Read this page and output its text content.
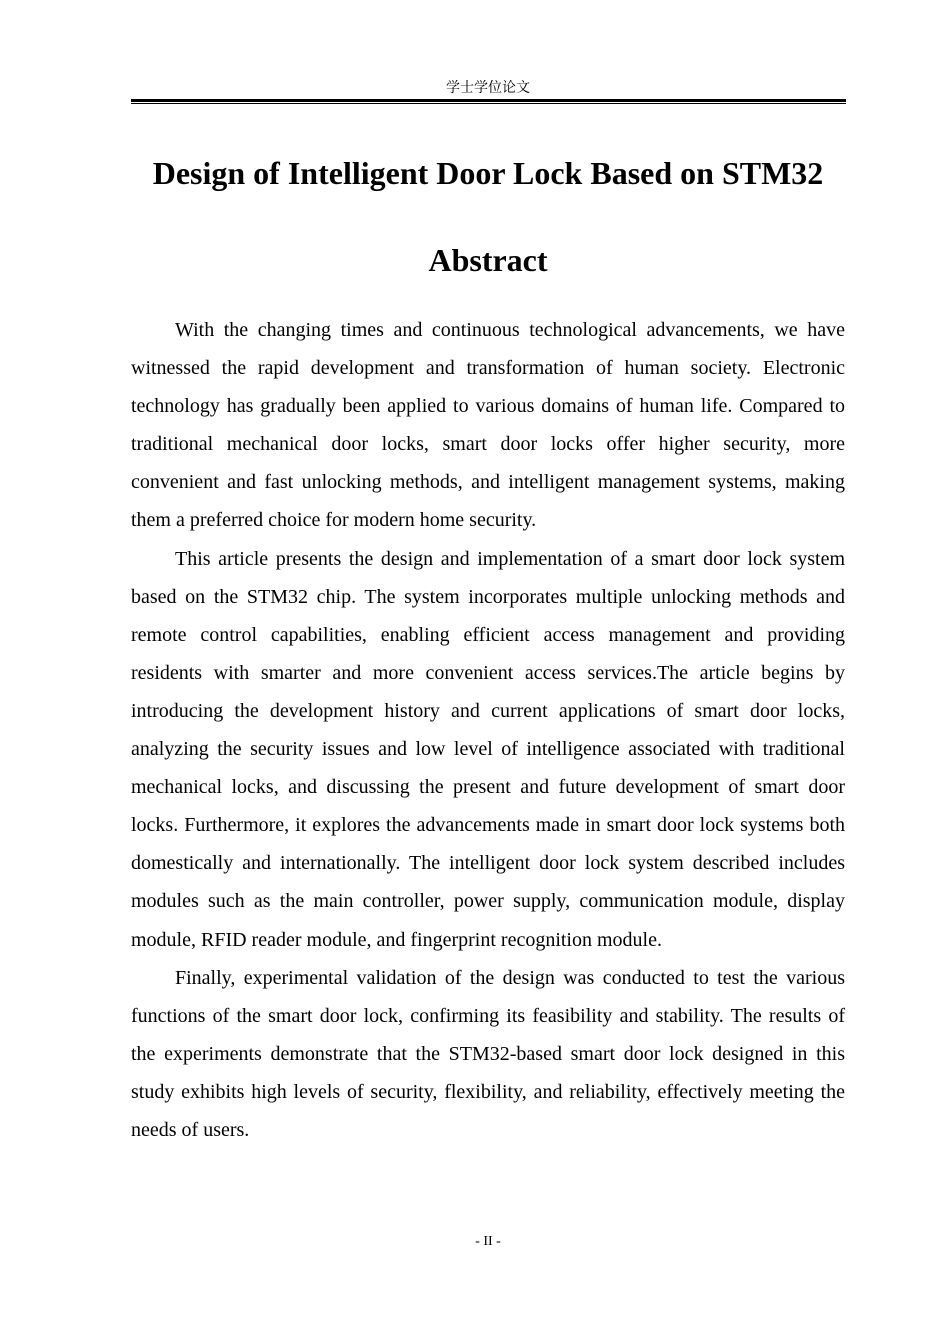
学士学位论文
Design of Intelligent Door Lock Based on STM32
Abstract

With the changing times and continuous technological advancements, we have witnessed the rapid development and transformation of human society. Electronic technology has gradually been applied to various domains of human life. Compared to traditional mechanical door locks, smart door locks offer higher security, more convenient and fast unlocking methods, and intelligent management systems, making them a preferred choice for modern home security.

This article presents the design and implementation of a smart door lock system based on the STM32 chip. The system incorporates multiple unlocking methods and remote control capabilities, enabling efficient access management and providing residents with smarter and more convenient access services.The article begins by introducing the development history and current applications of smart door locks, analyzing the security issues and low level of intelligence associated with traditional mechanical locks, and discussing the present and future development of smart door locks. Furthermore, it explores the advancements made in smart door lock systems both domestically and internationally. The intelligent door lock system described includes modules such as the main controller, power supply, communication module, display module, RFID reader module, and fingerprint recognition module.

Finally, experimental validation of the design was conducted to test the various functions of the smart door lock, confirming its feasibility and stability. The results of the experiments demonstrate that the STM32-based smart door lock designed in this study exhibits high levels of security, flexibility, and reliability, effectively meeting the needs of users.

- II -
